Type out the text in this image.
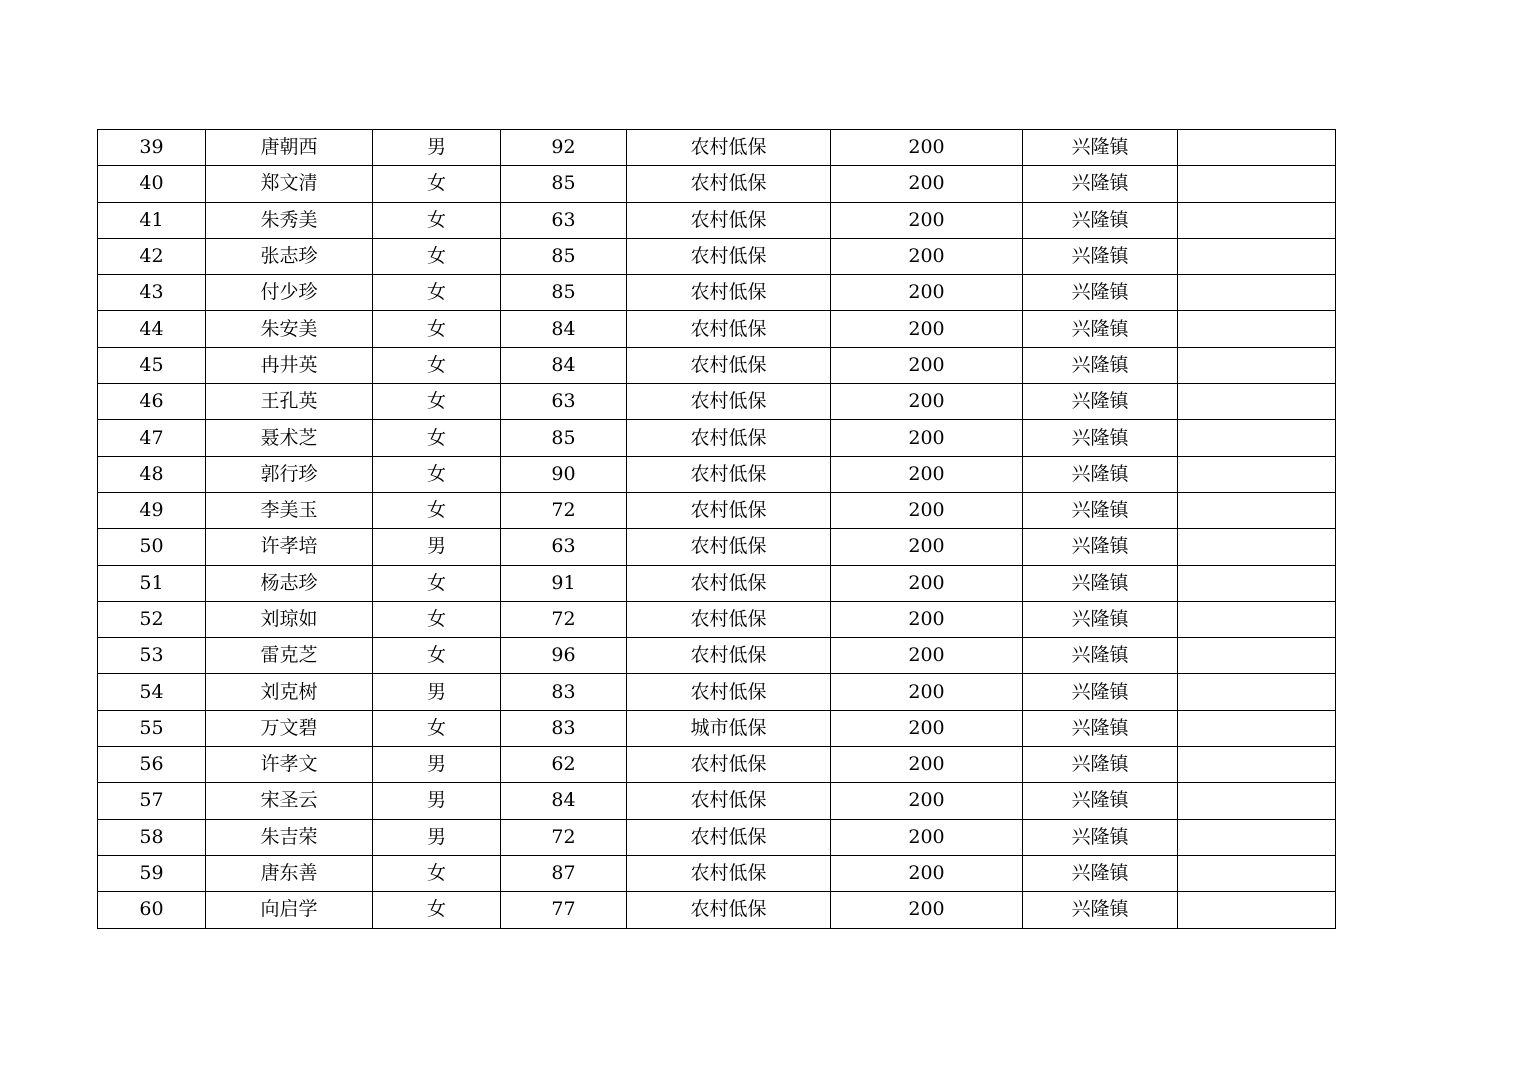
39	唐朝西	男	92	农村低保	200	兴隆镇	
40	郑文清	女	85	农村低保	200	兴隆镇	
41	朱秀美	女	63	农村低保	200	兴隆镇	
42	张志珍	女	85	农村低保	200	兴隆镇	
43	付少珍	女	85	农村低保	200	兴隆镇	
44	朱安美	女	84	农村低保	200	兴隆镇	
45	冉井英	女	84	农村低保	200	兴隆镇	
46	王孔英	女	63	农村低保	200	兴隆镇	
47	聂术芝	女	85	农村低保	200	兴隆镇	
48	郭行珍	女	90	农村低保	200	兴隆镇	
49	李美玉	女	72	农村低保	200	兴隆镇	
50	许孝培	男	63	农村低保	200	兴隆镇	
51	杨志珍	女	91	农村低保	200	兴隆镇	
52	刘琼如	女	72	农村低保	200	兴隆镇	
53	雷克芝	女	96	农村低保	200	兴隆镇	
54	刘克树	男	83	农村低保	200	兴隆镇	
55	万文碧	女	83	城市低保	200	兴隆镇	
56	许孝文	男	62	农村低保	200	兴隆镇	
57	宋圣云	男	84	农村低保	200	兴隆镇	
58	朱吉荣	男	72	农村低保	200	兴隆镇	
59	唐东善	女	87	农村低保	200	兴隆镇	
60	向启学	女	77	农村低保	200	兴隆镇	
